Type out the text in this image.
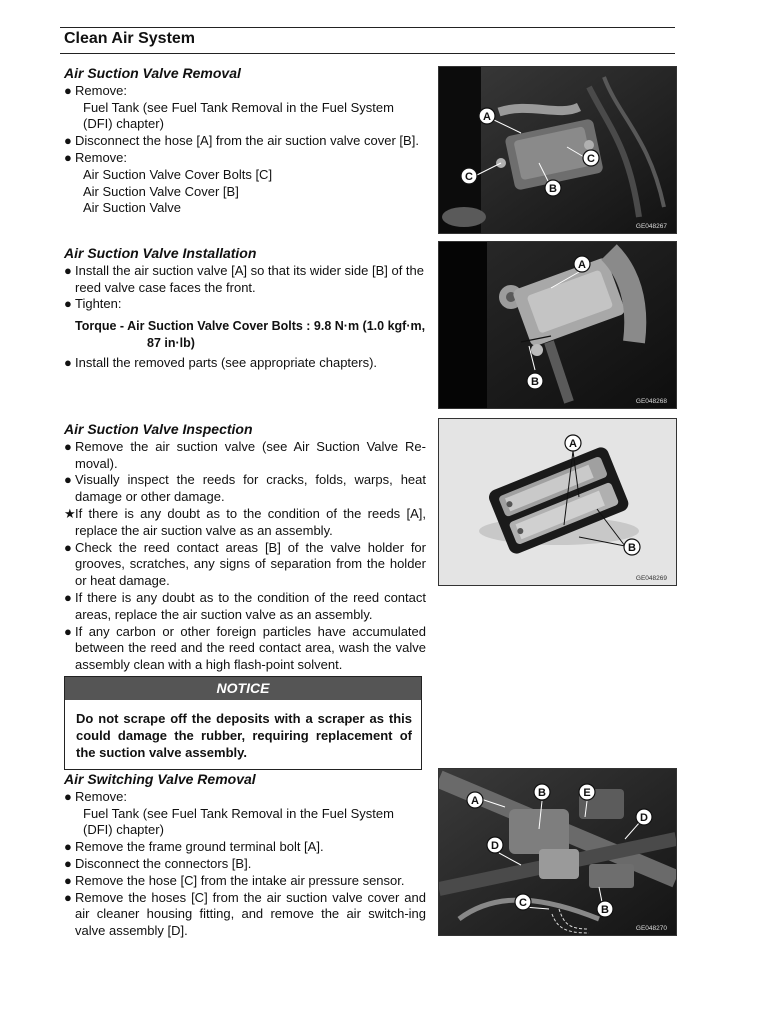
Clean Air System
Air Suction Valve Removal
● Remove:
Fuel Tank (see Fuel Tank Removal in the Fuel System (DFI) chapter)
● Disconnect the hose [A] from the air suction valve cover [B].
● Remove:
Air Suction Valve Cover Bolts [C]
Air Suction Valve Cover [B]
Air Suction Valve
Air Suction Valve Installation
● Install the air suction valve [A] so that its wider side [B] of the reed valve case faces the front.
● Tighten:
Torque - Air Suction Valve Cover Bolts : 9.8 N·m (1.0 kgf·m,
87 in·lb)
● Install the removed parts (see appropriate chapters).
Air Suction Valve Inspection
● Remove the air suction valve (see Air Suction Valve Re-moval).
● Visually inspect the reeds for cracks, folds, warps, heat damage or other damage.
★ If there is any doubt as to the condition of the reeds [A], replace the air suction valve as an assembly.
● Check the reed contact areas [B] of the valve holder for grooves, scratches, any signs of separation from the holder or heat damage.
● If there is any doubt as to the condition of the reed contact areas, replace the air suction valve as an assembly.
● If any carbon or other foreign particles have accumulated between the reed and the reed contact area, wash the valve assembly clean with a high flash-point solvent.
NOTICE
Do not scrape off the deposits with a scraper as this could damage the rubber, requiring replacement of the suction valve assembly.
Air Switching Valve Removal
● Remove:
Fuel Tank (see Fuel Tank Removal in the Fuel System (DFI) chapter)
● Remove the frame ground terminal bolt [A].
● Disconnect the connectors [B].
● Remove the hose [C] from the intake air pressure sensor.
● Remove the hoses [C] from the air suction valve cover and air cleaner housing fitting, and remove the air switch-ing valve assembly [D].
A
C
C
B
GE048267
A
B
GE048268
A
B
GE048269
A
B	E
D
D
C
B
GE048270
